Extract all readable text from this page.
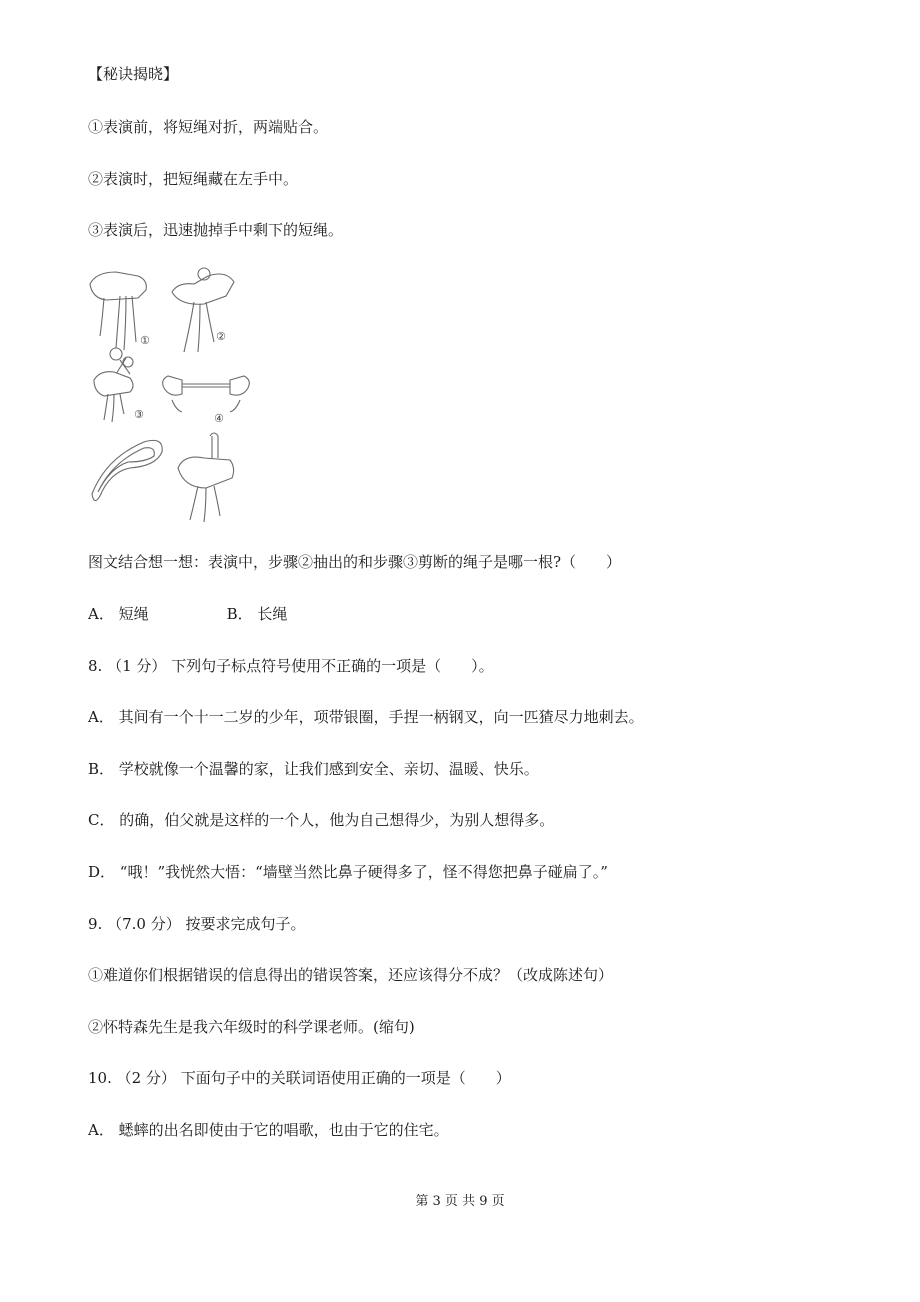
【秘诀揭晓】
①表演前，将短绳对折，两端贴合。
②表演时，把短绳藏在左手中。
③表演后，迅速抛掉手中剩下的短绳。
①	②
③	④
图文结合想一想：表演中，步骤②抽出的和步骤③剪断的绳子是哪一根?（　　）
A． 短绳	B． 长绳
8. （1 分） 下列句子标点符号使用不正确的一项是（　　）。
A． 其间有一个十一二岁的少年，项带银圈，手捏一柄钢叉，向一匹猹尽力地刺去。
B． 学校就像一个温馨的家，让我们感到安全、亲切、温暖、快乐。
C． 的确，伯父就是这样的一个人，他为自己想得少，为别人想得多。
D． “哦！”我恍然大悟：“墙壁当然比鼻子硬得多了，怪不得您把鼻子碰扁了。”
9. （7.0 分） 按要求完成句子。
①难道你们根据错误的信息得出的错误答案，还应该得分不成？（改成陈述句）
②怀特森先生是我六年级时的科学课老师。(缩句)
10. （2 分） 下面句子中的关联词语使用正确的一项是（　　）
A． 蟋蟀的出名即使由于它的唱歌，也由于它的住宅。
第 3 页 共 9 页
